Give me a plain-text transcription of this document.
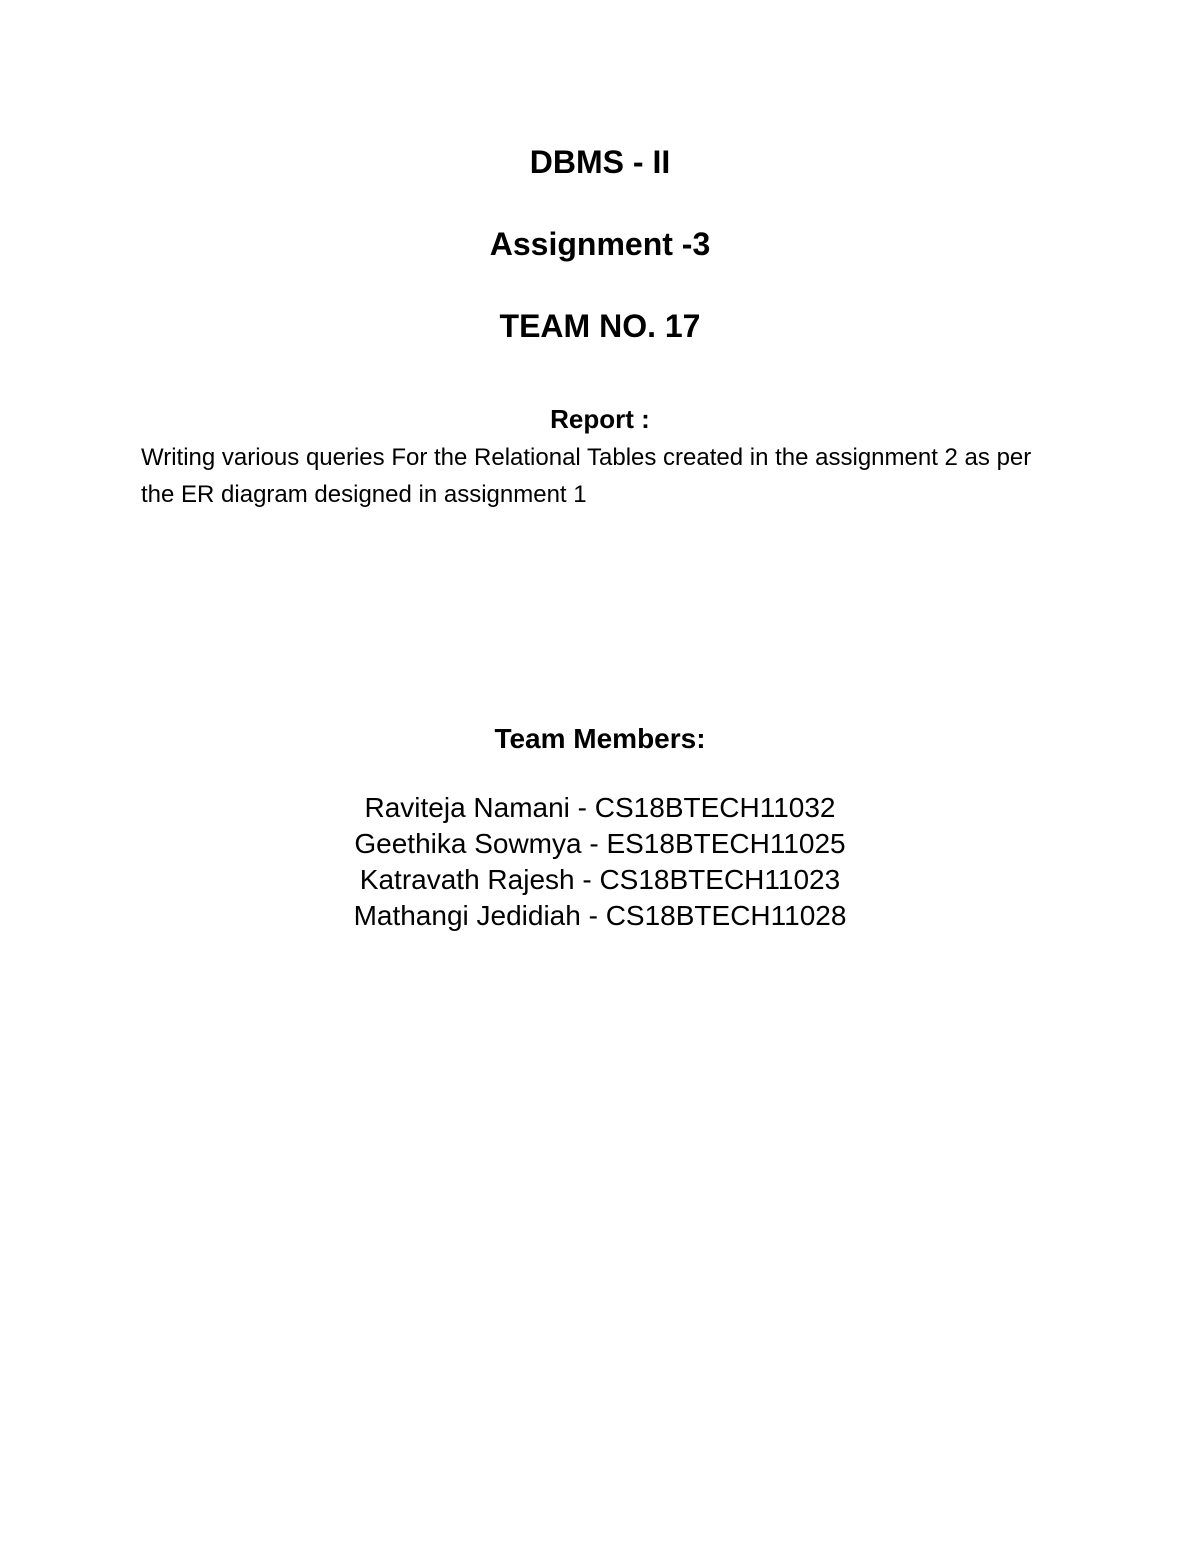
DBMS - II
Assignment -3
TEAM NO. 17
Report :

Writing various queries For the Relational Tables created in the assignment 2 as per the ER diagram designed in assignment 1

Team Members:
Raviteja Namani - CS18BTECH11032
Geethika Sowmya - ES18BTECH11025
Katravath Rajesh - CS18BTECH11023
Mathangi Jedidiah - CS18BTECH11028
